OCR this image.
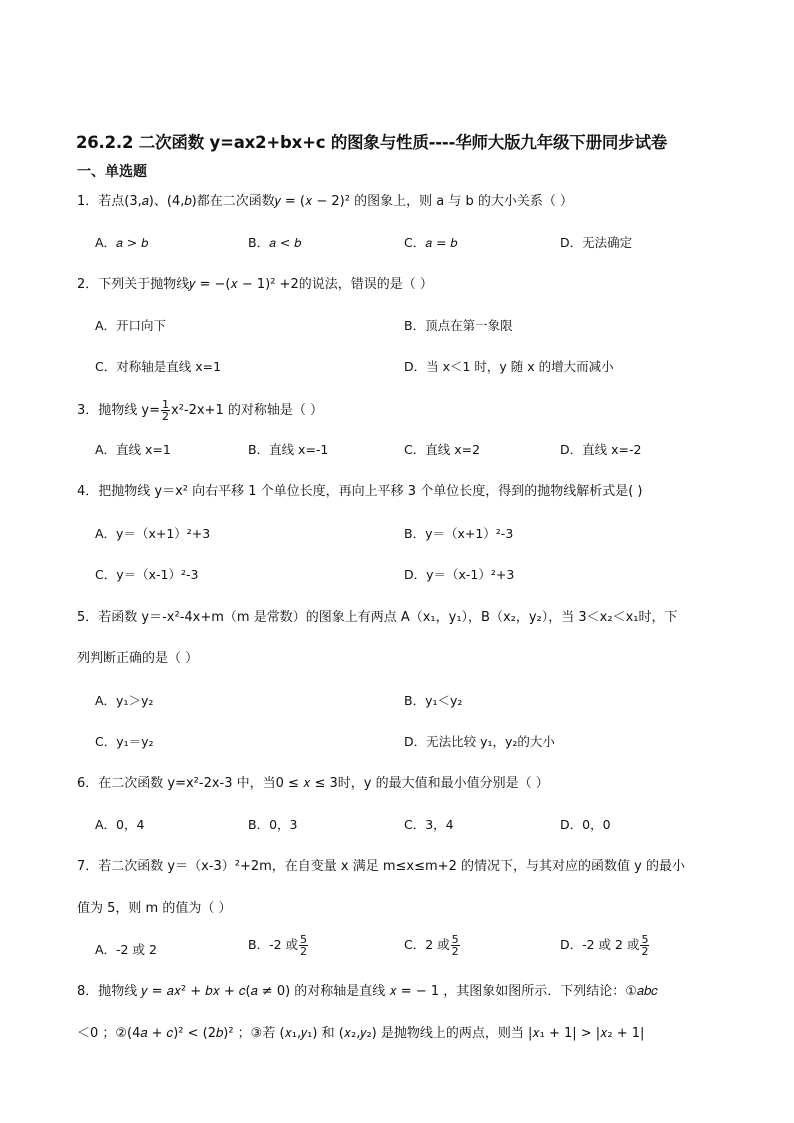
26.2.2 二次函数 y=ax2+bx+c 的图象与性质----华师大版九年级下册同步试卷
一、单选题
1．若点(3,𝑎)、(4,𝑏)都在二次函数𝑦 = (𝑥 − 2)² 的图象上，则 a 与 b 的大小关系（ ）
A．𝑎 > 𝑏	B．𝑎 < 𝑏	C．𝑎 = 𝑏	D．无法确定
2．下列关于抛物线𝑦 = −(𝑥 − 1)² +2的说法，错误的是（ ）
A．开口向下	B．顶点在第一象限
C．对称轴是直线 x=1	D．当 x＜1 时，y 随 x 的增大而减小
3．抛物线 $y= \frac{1}{2} x^2-2x+1$ 的对称轴是（ ）
A．直线 x=1	B．直线 x=-1	C．直线 x=2	D．直线 x=-2
4．把抛物线 y＝x² 向右平移 1 个单位长度，再向上平移 3 个单位长度，得到的抛物线解析式是( )
A．y＝（x+1）²+3	B．y＝（x+1）²-3
C．y＝（x-1）²-3	D．y＝（x-1）²+3
5．若函数 y＝-x²-4x+m（m 是常数）的图象上有两点 A（x₁，y₁），B（x₂，y₂），当 3＜x₂＜x₁时，下
列判断正确的是（ ）
A．y₁＞y₂	B．y₁＜y₂
C．y₁＝y₂	D．无法比较 y₁，y₂的大小
6．在二次函数 y=x²-2x-3 中，当0 ≤ 𝑥 ≤ 3时，y 的最大值和最小值分别是（ ）
A．0，4	B．0，3	C．3，4	D．0，0
7．若二次函数 y＝（x-3）²+2m，在自变量 x 满足 m≤x≤m+2 的情况下，与其对应的函数值 y 的最小
值为 5，则 m 的值为（ ）
A．-2 或 2	B．-2 或 $\frac{5}{2}$	C．2 或 $\frac{5}{2}$	D．-2 或 2 或 $\frac{5}{2}$
8．抛物线 𝑦 = 𝑎𝑥² + 𝑏𝑥 + 𝑐(𝑎 ≠ 0) 的对称轴是直线 𝑥 = − 1 ，其图象如图所示．下列结论：①𝑎𝑏𝑐
＜0 ；②(4𝑎 + 𝑐)² < (2𝑏)² ；③若 (𝑥₁,𝑦₁) 和 (𝑥₂,𝑦₂) 是抛物线上的两点，则当 |𝑥₁ + 1| > |𝑥₂ + 1|
